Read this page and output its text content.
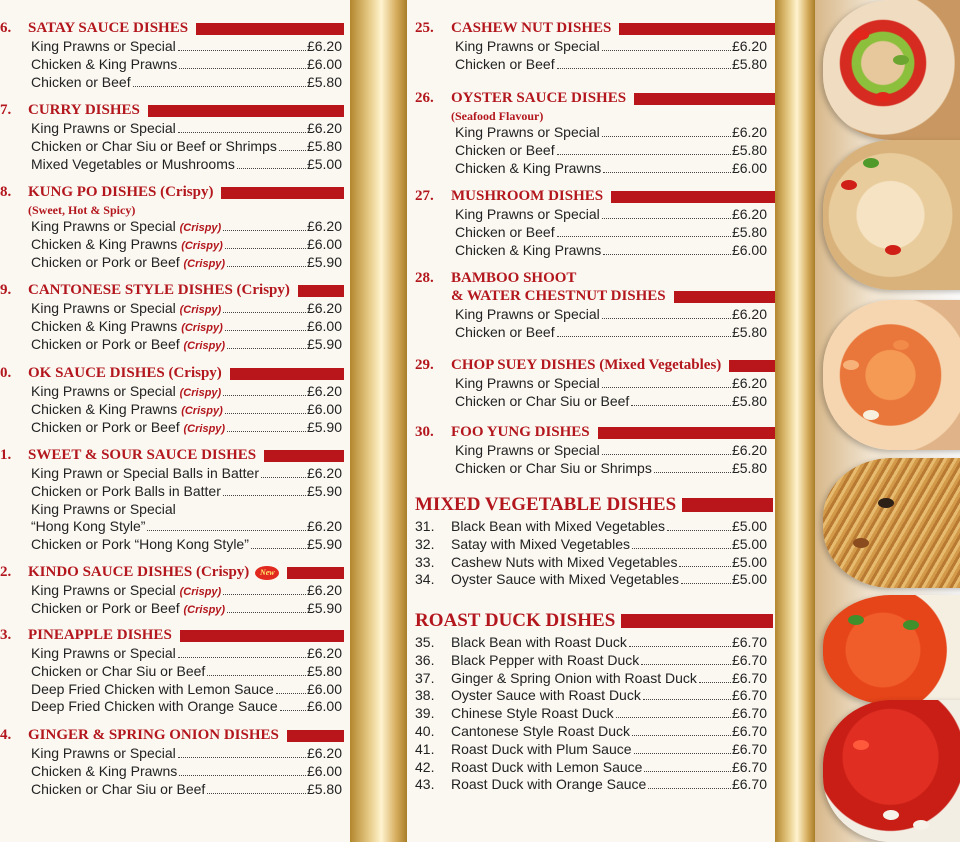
6. SATAY SAUCE DISHES
King Prawns or Special	£6.20
Chicken & King Prawns	£6.00
Chicken or Beef	£5.80
7. CURRY DISHES
King Prawns or Special	£6.20
Chicken or Char Siu or Beef or Shrimps £5.80
Mixed Vegetables or Mushrooms	£5.00
8. KUNG PO DISHES (Crispy)
(Sweet, Hot & Spicy)
King Prawns or Special (Crispy)	£6.20
Chicken & King Prawns (Crispy)	£6.00
Chicken or Pork or Beef (Crispy)	£5.90
9. CANTONESE STYLE DISHES (Crispy)
King Prawns or Special (Crispy)	£6.20
Chicken & King Prawns (Crispy)	£6.00
Chicken or Pork or Beef (Crispy)	£5.90
0. OK SAUCE DISHES (Crispy)
King Prawns or Special (Crispy)	£6.20
Chicken & King Prawns (Crispy)	£6.00
Chicken or Pork or Beef (Crispy)	£5.90
1. SWEET & SOUR SAUCE DISHES
King Prawn or Special Balls in Batter	£6.20
Chicken or Pork Balls in Batter	£5.90
King Prawns or Special
“Hong Kong Style”	£6.20
Chicken or Pork “Hong Kong Style”	£5.90
2. KINDO SAUCE DISHES (Crispy) New
King Prawns or Special (Crispy)	£6.20
Chicken or Pork or Beef (Crispy)	£5.90
3. PINEAPPLE DISHES
King Prawns or Special	£6.20
Chicken or Char Siu or Beef	£5.80
Deep Fried Chicken with Lemon Sauce £6.00
Deep Fried Chicken with Orange Sauce £6.00
4. GINGER & SPRING ONION DISHES
King Prawns or Special	£6.20
Chicken & King Prawns	£6.00
Chicken or Char Siu or Beef	£5.80
25. CASHEW NUT DISHES
King Prawns or Special	£6.20
Chicken or Beef	£5.80
26. OYSTER SAUCE DISHES
(Seafood Flavour)
King Prawns or Special	£6.20
Chicken or Beef	£5.80
Chicken & King Prawns	£6.00
27. MUSHROOM DISHES
King Prawns or Special	£6.20
Chicken or Beef	£5.80
Chicken & King Prawns	£6.00
28. BAMBOO SHOOT
& WATER CHESTNUT DISHES
King Prawns or Special	£6.20
Chicken or Beef	£5.80
29. CHOP SUEY DISHES (Mixed Vegetables)
King Prawns or Special	£6.20
Chicken or Char Siu or Beef	£5.80
30. FOO YUNG DISHES
King Prawns or Special	£6.20
Chicken or Char Siu or Shrimps	£5.80
MIXED VEGETABLE DISHES
31. Black Bean with Mixed Vegetables	£5.00
32. Satay with Mixed Vegetables	£5.00
33. Cashew Nuts with Mixed Vegetables	£5.00
34. Oyster Sauce with Mixed Vegetables	£5.00
ROAST DUCK DISHES
35. Black Bean with Roast Duck	£6.70
36. Black Pepper with Roast Duck	£6.70
37. Ginger & Spring Onion with Roast Duck	£6.70
38. Oyster Sauce with Roast Duck	£6.70
39. Chinese Style Roast Duck	£6.70
40. Cantonese Style Roast Duck	£6.70
41. Roast Duck with Plum Sauce	£6.70
42. Roast Duck with Lemon Sauce	£6.70
43. Roast Duck with Orange Sauce	£6.70
